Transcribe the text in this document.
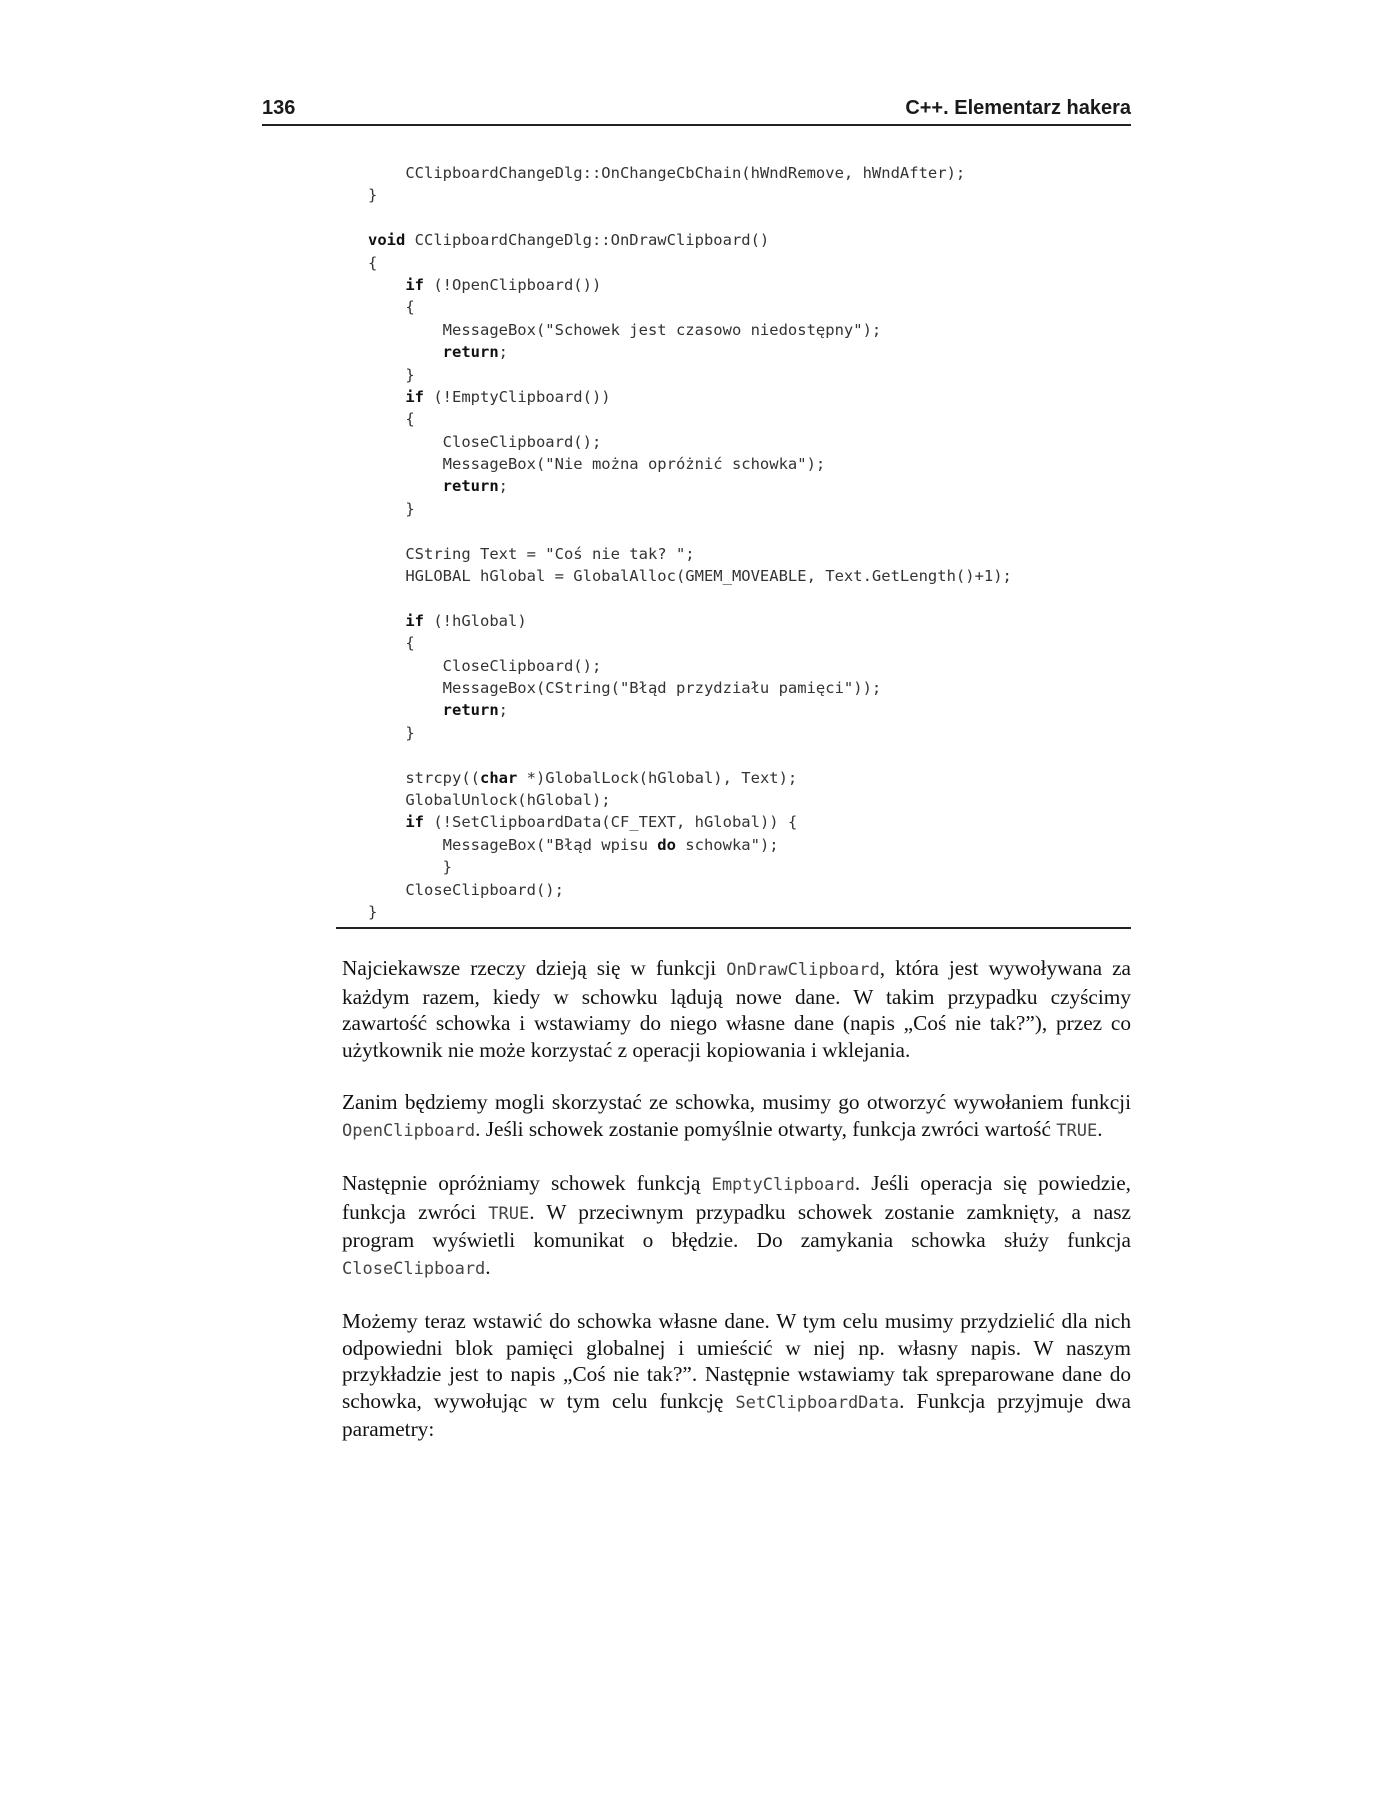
136	C++. Elementarz hakera
CClipboardChangeDlg::OnChangeCbChain(hWndRemove, hWndAfter);
}
void CClipboardChangeDlg::OnDrawClipboard()
{
if (!OpenClipboard())
{
MessageBox("Schowek jest czasowo niedostępny");
return;
}
if (!EmptyClipboard())
{
CloseClipboard();
MessageBox("Nie można opróżnić schowka");
return;
}
CString Text = "Coś nie tak? ";
HGLOBAL hGlobal = GlobalAlloc(GMEM_MOVEABLE, Text.GetLength()+1);
if (!hGlobal)
{
CloseClipboard();
MessageBox(CString("Błąd przydziału pamięci"));
return;
}
strcpy((char *)GlobalLock(hGlobal), Text);
GlobalUnlock(hGlobal);
if (!SetClipboardData(CF_TEXT, hGlobal)) {
MessageBox("Błąd wpisu do schowka");
}
CloseClipboard();
}

Najciekawsze rzeczy dzieją się w funkcji OnDrawClipboard, która jest wywoływana za każdym razem, kiedy w schowku lądują nowe dane. W takim przypadku czyścimy zawartość schowka i wstawiamy do niego własne dane (napis „Coś nie tak?”), przez co użytkownik nie może korzystać z operacji kopiowania i wklejania.

Zanim będziemy mogli skorzystać ze schowka, musimy go otworzyć wywołaniem funkcji OpenClipboard. Jeśli schowek zostanie pomyślnie otwarty, funkcja zwróci wartość TRUE.

Następnie opróżniamy schowek funkcją EmptyClipboard. Jeśli operacja się powiedzie, funkcja zwróci TRUE. W przeciwnym przypadku schowek zostanie zamknięty, a nasz program wyświetli komunikat o błędzie. Do zamykania schowka służy funkcja CloseClipboard.

Możemy teraz wstawić do schowka własne dane. W tym celu musimy przydzielić dla nich odpowiedni blok pamięci globalnej i umieścić w niej np. własny napis. W naszym przykładzie jest to napis „Coś nie tak?”. Następnie wstawiamy tak spreparowane dane do schowka, wywołując w tym celu funkcję SetClipboardData. Funkcja przyjmuje dwa parametry:
